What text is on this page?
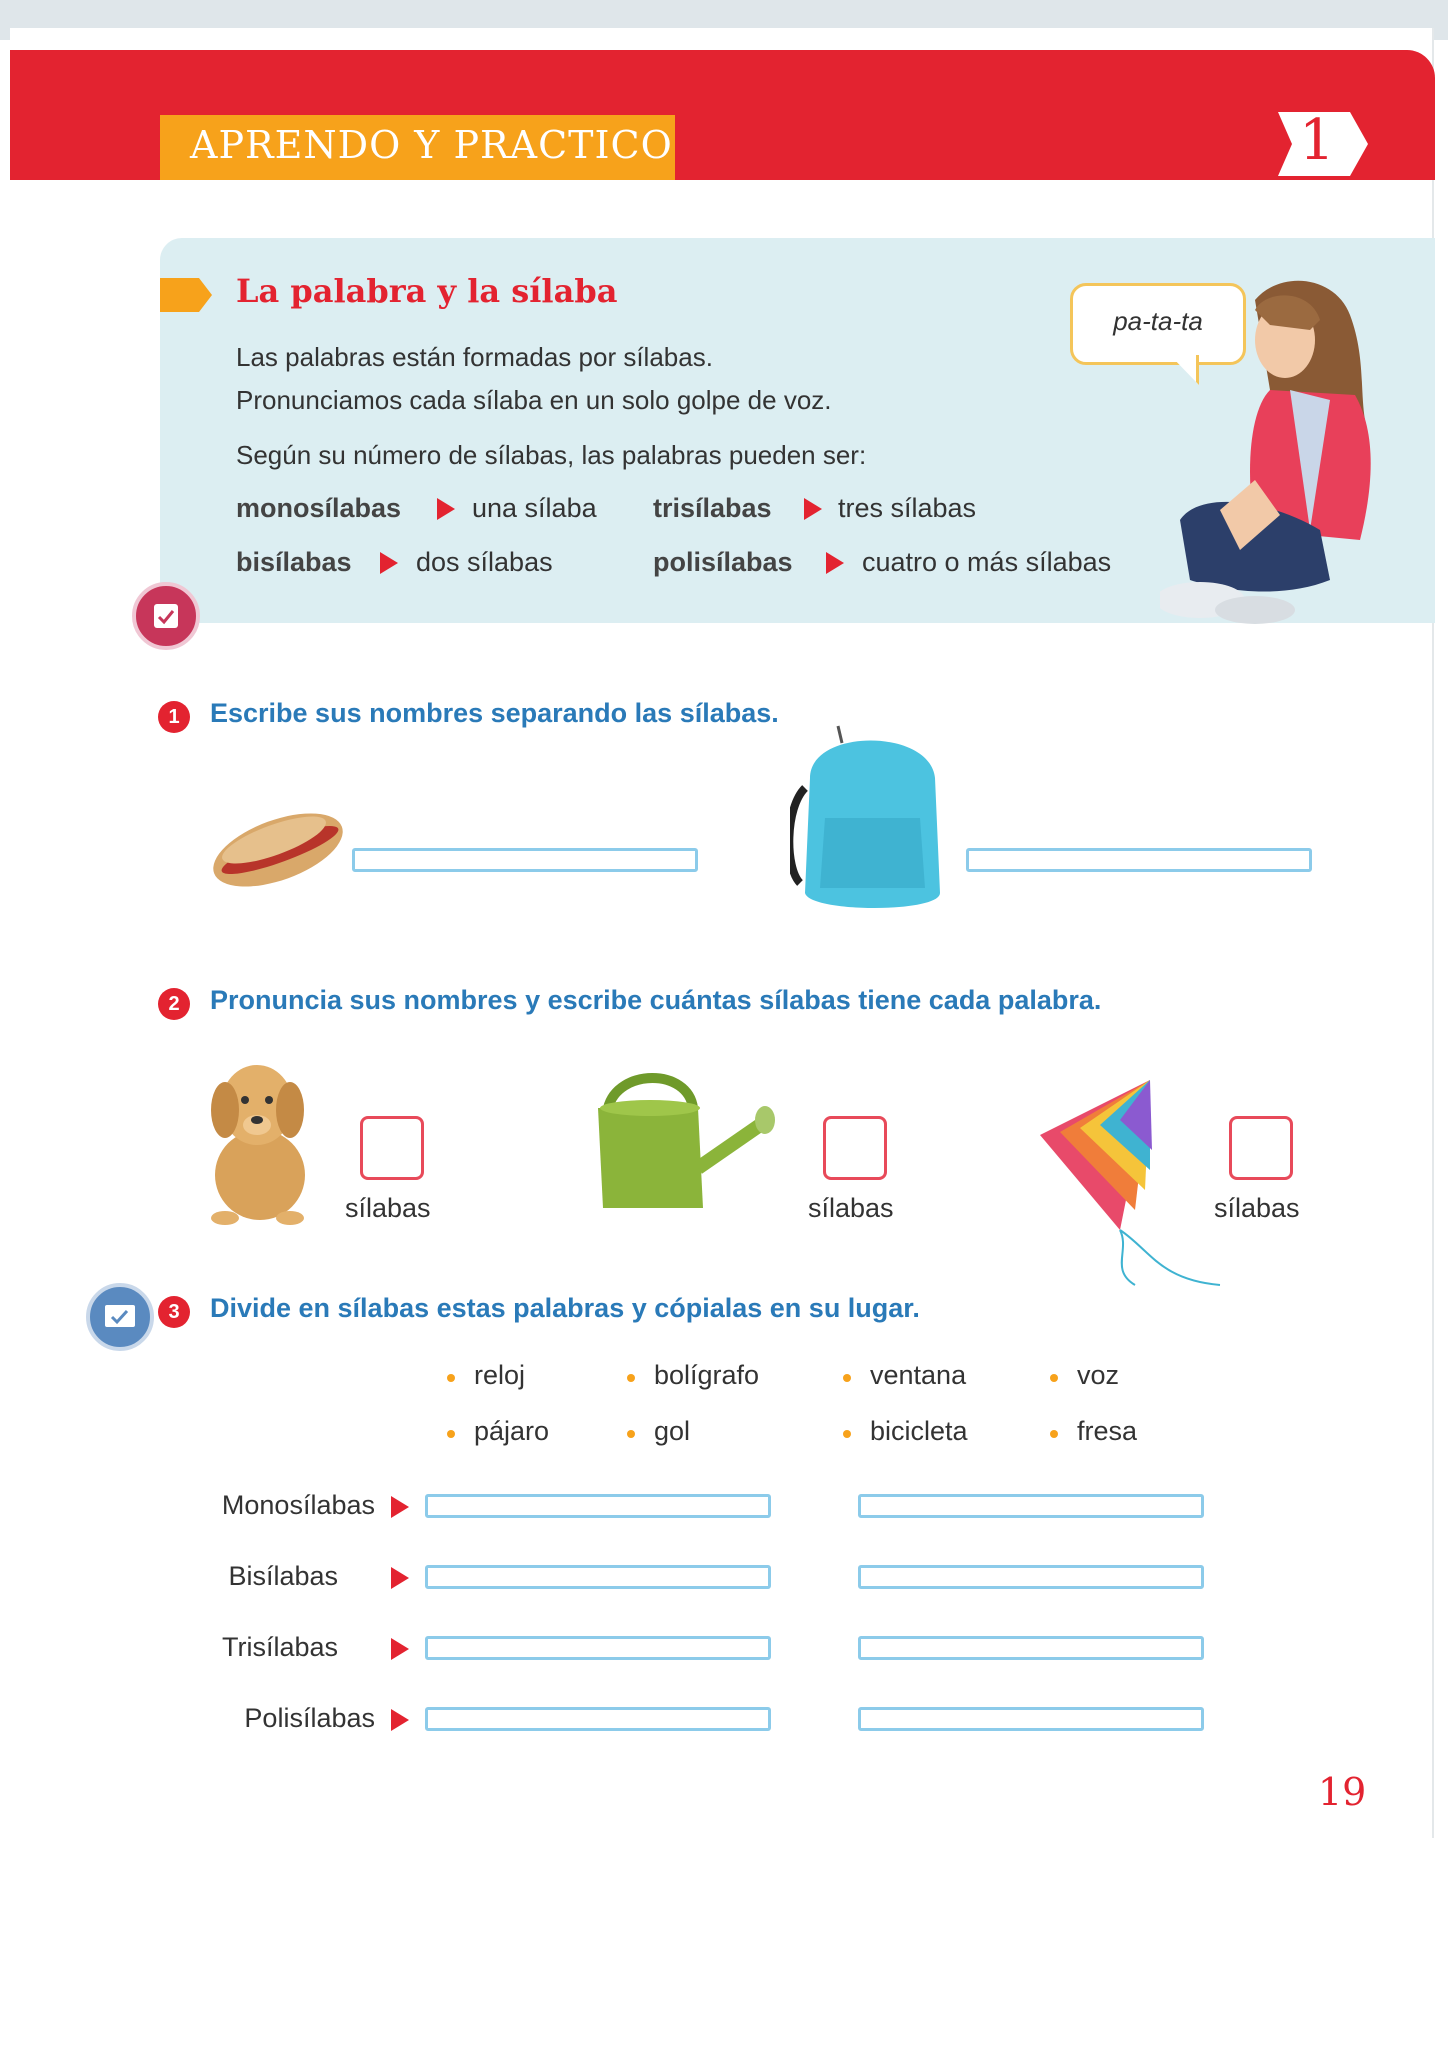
APRENDO Y PRACTICO	1
La palabra y la sílaba
Las palabras están formadas por sílabas.
Pronunciamos cada sílaba en un solo golpe de voz.
Según su número de sílabas, las palabras pueden ser:
monosílabas	una sílaba trisílabas tres sílabas
bisílabas dos sílabas	polisílabas	cuatro o más sílabas
pa-ta-ta
1	Escribe sus nombres separando las sílabas.
2	Pronuncia sus nombres y escribe cuántas sílabas tiene cada palabra.
sílabas	sílabas	sílabas
3	Divide en sílabas estas palabras y cópialas en su lugar.
reloj	bolígrafo	ventana	voz
pájaro	gol	bicicleta	fresa
Monosílabas
Bisílabas
Trisílabas
Polisílabas
19
